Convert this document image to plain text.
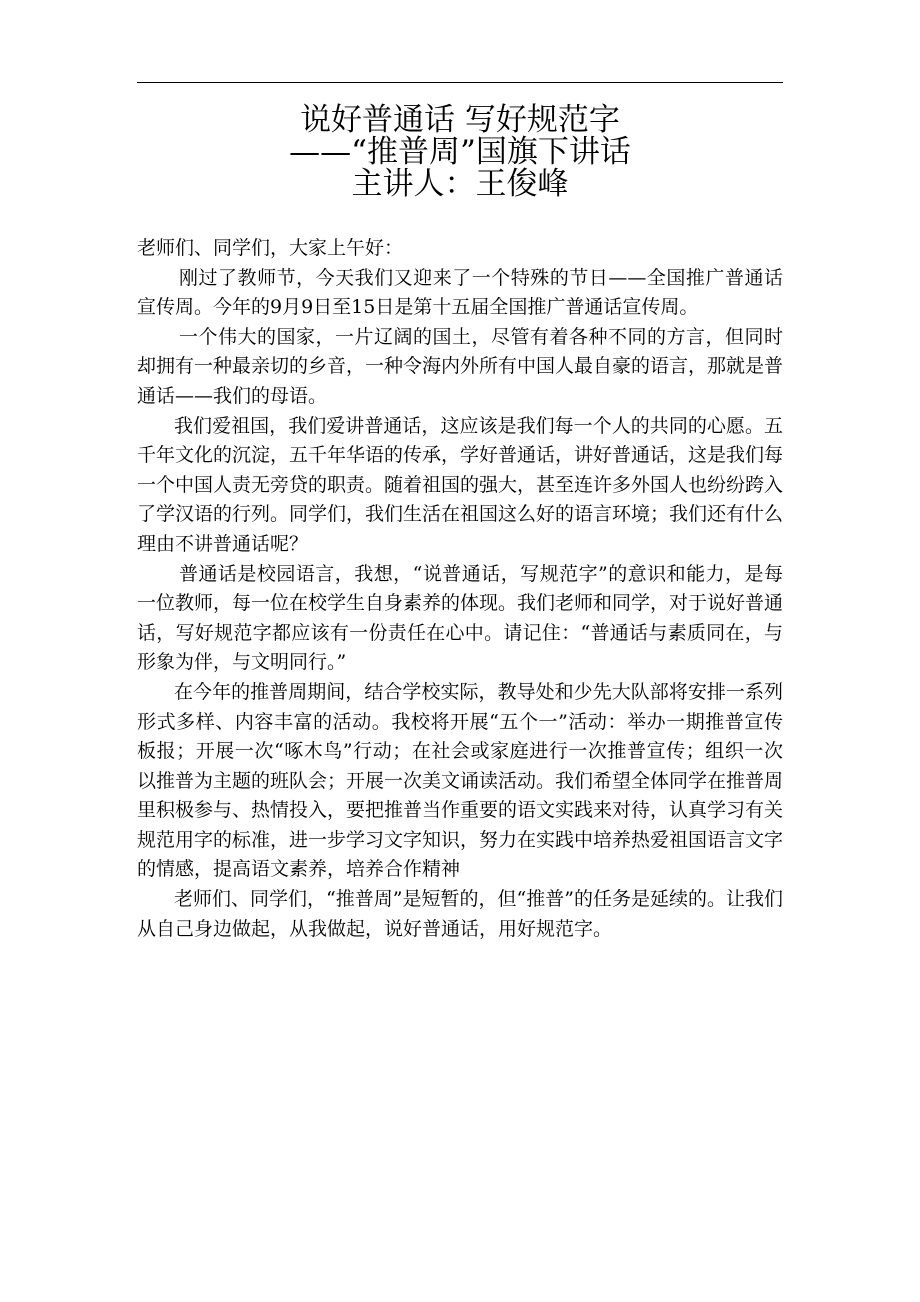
说好普通话 写好规范字
——“推普周”国旗下讲话
主讲人：王俊峰

老师们、同学们，大家上午好：

刚过了教师节，今天我们又迎来了一个特殊的节日——全国推广普通话宣传周。今年的9月9日至15日是第十五届全国推广普通话宣传周。

一个伟大的国家，一片辽阔的国土，尽管有着各种不同的方言，但同时却拥有一种最亲切的乡音，一种令海内外所有中国人最自豪的语言，那就是普通话——我们的母语。

我们爱祖国，我们爱讲普通话，这应该是我们每一个人的共同的心愿。五千年文化的沉淀，五千年华语的传承，学好普通话，讲好普通话，这是我们每一个中国人责无旁贷的职责。随着祖国的强大，甚至连许多外国人也纷纷跨入了学汉语的行列。同学们，我们生活在祖国这么好的语言环境；我们还有什么理由不讲普通话呢？

普通话是校园语言，我想，“说普通话，写规范字”的意识和能力，是每一位教师，每一位在校学生自身素养的体现。我们老师和同学，对于说好普通话，写好规范字都应该有一份责任在心中。请记住：“普通话与素质同在，与形象为伴，与文明同行。”

在今年的推普周期间，结合学校实际，教导处和少先大队部将安排一系列形式多样、内容丰富的活动。我校将开展“五个一”活动：举办一期推普宣传板报；开展一次“啄木鸟”行动；在社会或家庭进行一次推普宣传；组织一次以推普为主题的班队会；开展一次美文诵读活动。我们希望全体同学在推普周里积极参与、热情投入，要把推普当作重要的语文实践来对待，认真学习有关规范用字的标准，进一步学习文字知识，努力在实践中培养热爱祖国语言文字的情感，提高语文素养，培养合作精神

老师们、同学们，“推普周”是短暂的，但“推普”的任务是延续的。让我们从自己身边做起，从我做起，说好普通话，用好规范字。
